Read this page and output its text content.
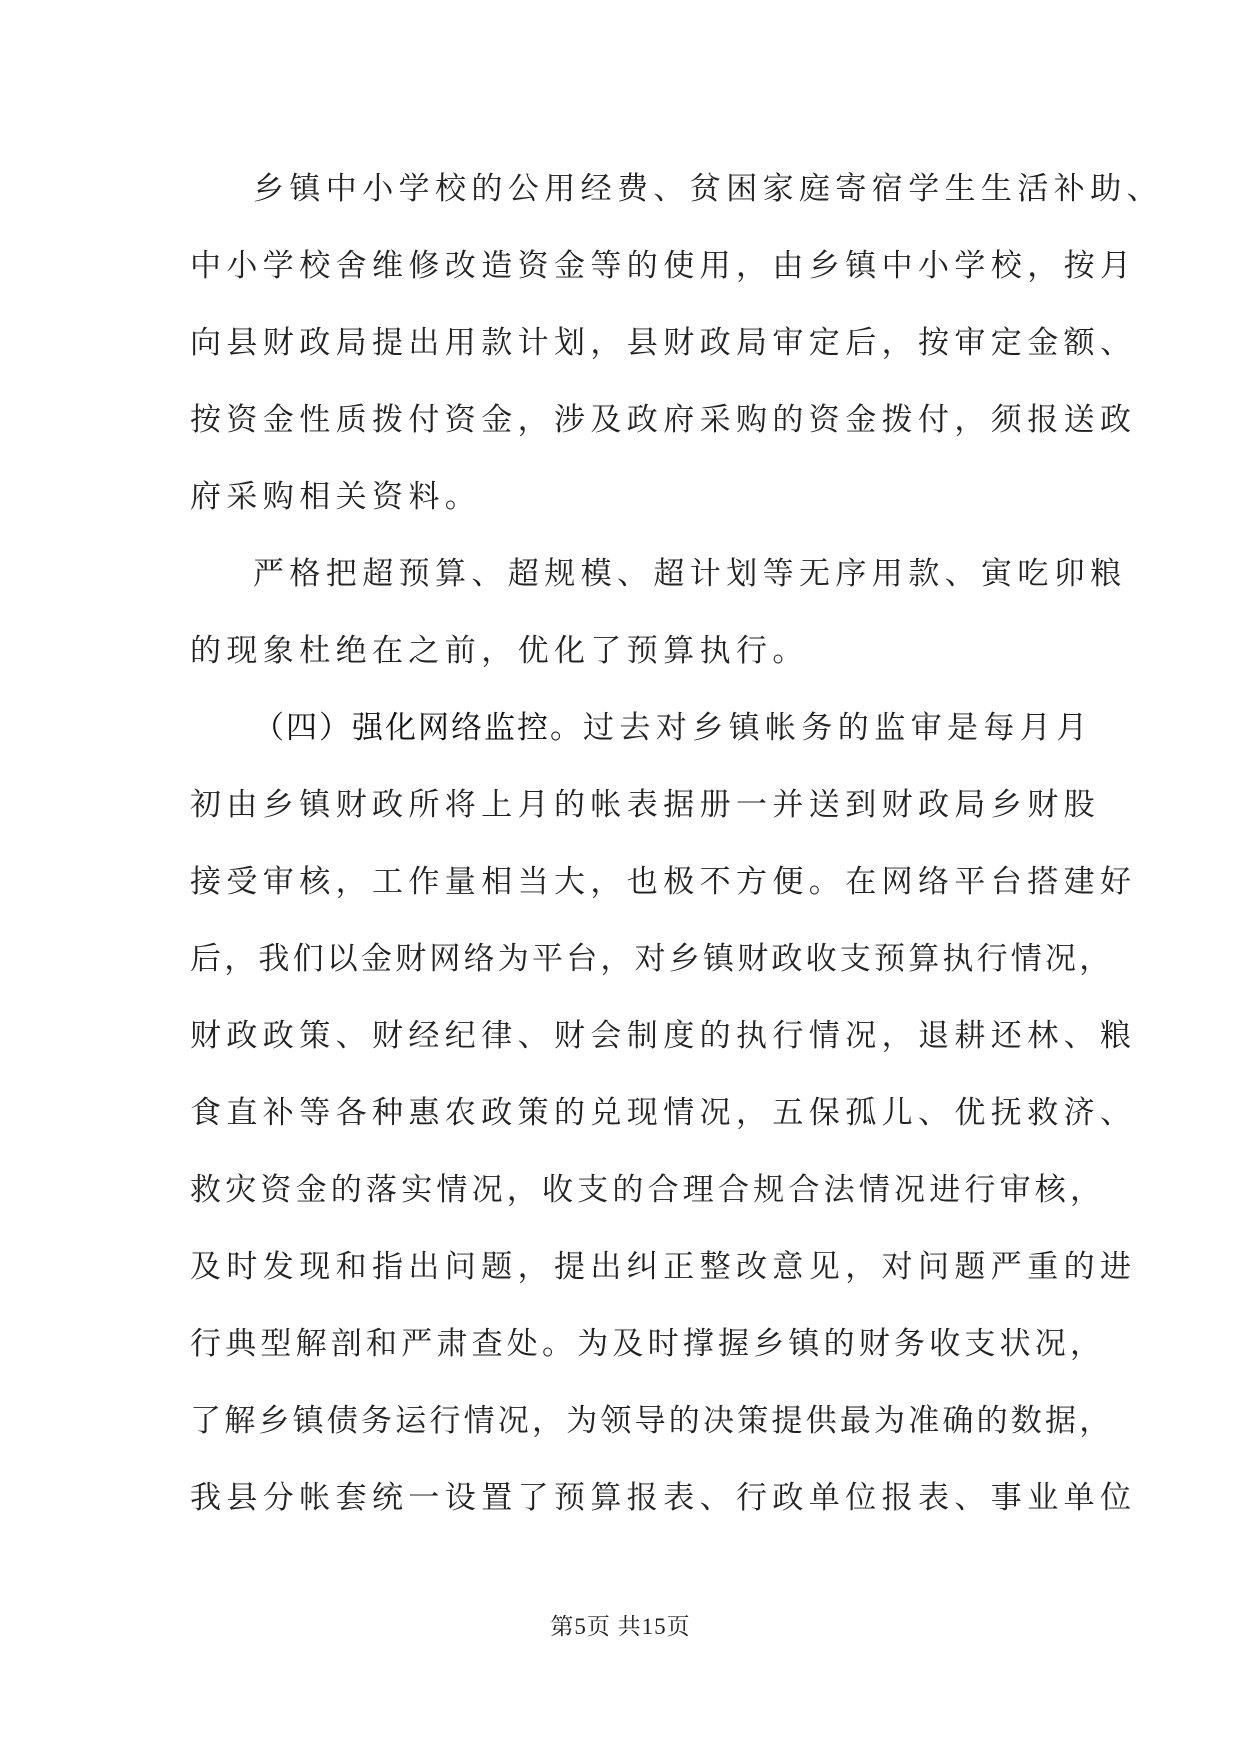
乡镇中小学校的公用经费、贫困家庭寄宿学生生活补助、
中小学校舍维修改造资金等的使用，由乡镇中小学校，按月
向县财政局提出用款计划，县财政局审定后，按审定金额、
按资金性质拨付资金，涉及政府采购的资金拨付，须报送政
府采购相关资料。
严格把超预算、超规模、超计划等无序用款、寅吃卯粮
的现象杜绝在之前，优化了预算执行。
（四）强化网络监控。过去对乡镇帐务的监审是每月月
初由乡镇财政所将上月的帐表据册一并送到财政局乡财股
接受审核，工作量相当大，也极不方便。在网络平台搭建好
后，我们以金财网络为平台，对乡镇财政收支预算执行情况，
财政政策、财经纪律、财会制度的执行情况，退耕还林、粮
食直补等各种惠农政策的兑现情况，五保孤儿、优抚救济、
救灾资金的落实情况，收支的合理合规合法情况进行审核，
及时发现和指出问题，提出纠正整改意见，对问题严重的进
行典型解剖和严肃查处。为及时撑握乡镇的财务收支状况，
了解乡镇债务运行情况，为领导的决策提供最为准确的数据，
我县分帐套统一设置了预算报表、行政单位报表、事业单位
第5页 共15页
